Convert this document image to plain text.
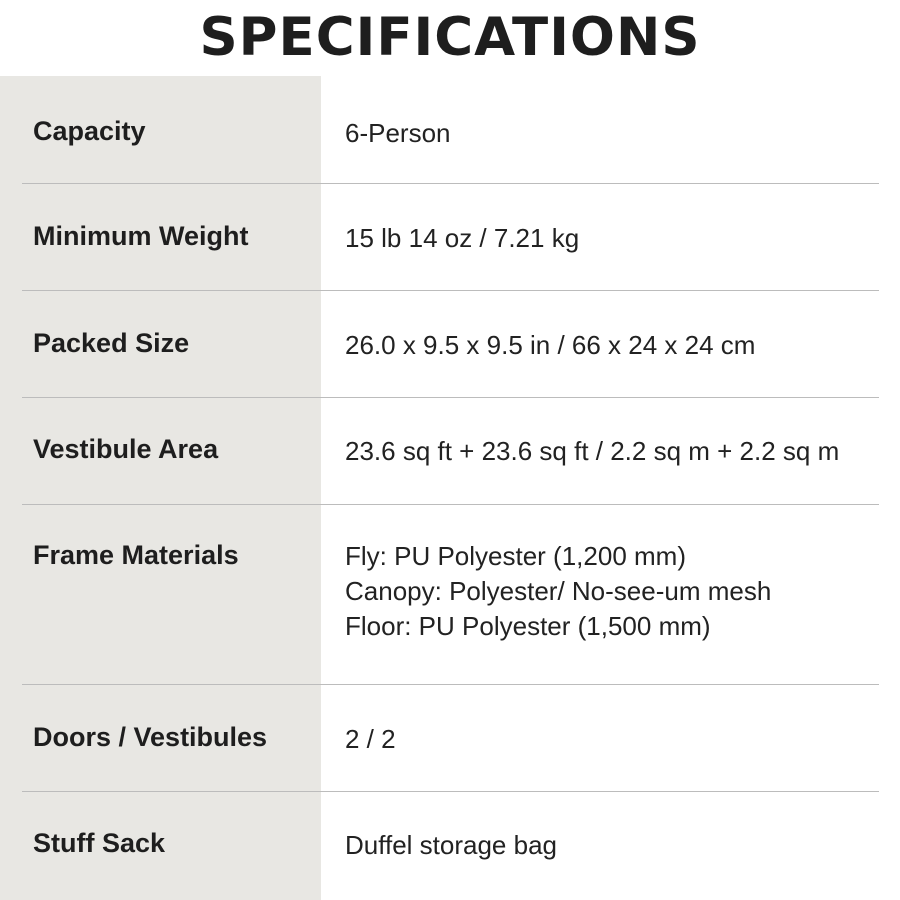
SPECIFICATIONS
Capacity	6-Person
Minimum Weight	15 lb 14 oz / 7.21 kg
Packed Size	26.0 x 9.5 x 9.5 in / 66 x 24 x 24 cm
Vestibule Area	23.6 sq ft + 23.6 sq ft / 2.2 sq m + 2.2 sq m
Frame Materials	Fly: PU Polyester (1,200 mm)
Canopy: Polyester/ No-see-um mesh
Floor: PU Polyester (1,500 mm)
Doors / Vestibules	2 / 2
Stuff Sack	Duffel storage bag
